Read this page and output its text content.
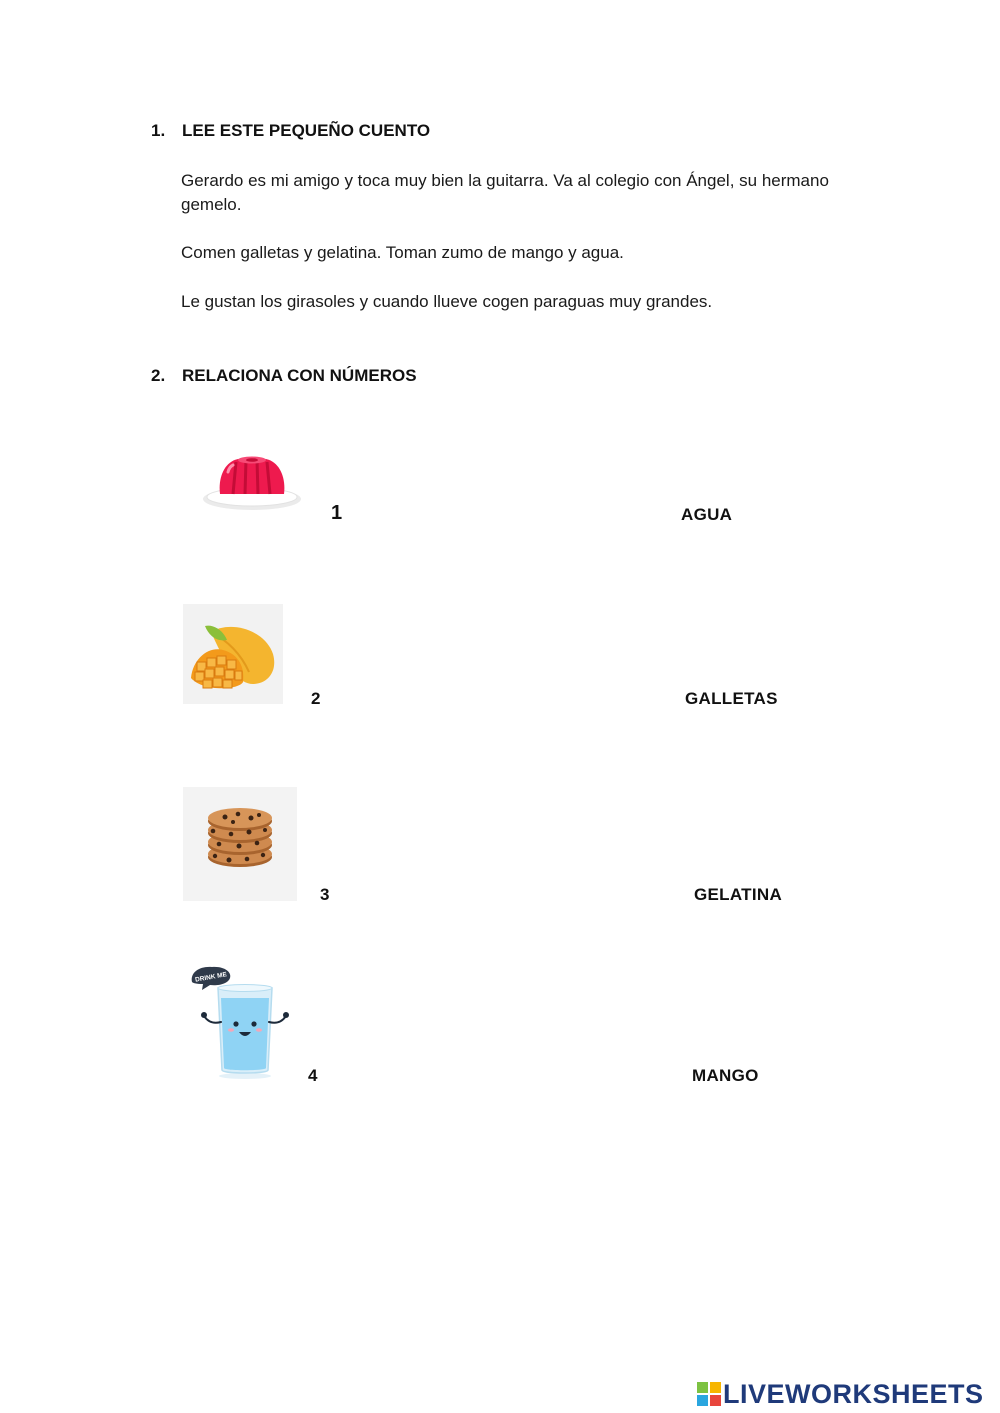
1. LEE ESTE PEQUEÑO CUENTO
Gerardo es mi amigo y toca muy bien la guitarra. Va al colegio con Ángel, su hermano gemelo.
Comen galletas y gelatina. Toman zumo de mango y agua.
Le gustan los girasoles y cuando llueve cogen paraguas muy grandes.
2. RELACIONA CON NÚMEROS
1	AGUA
2	GALLETAS
3	GELATINA
DRINK ME
4	MANGO
LIVEWORKSHEETS
